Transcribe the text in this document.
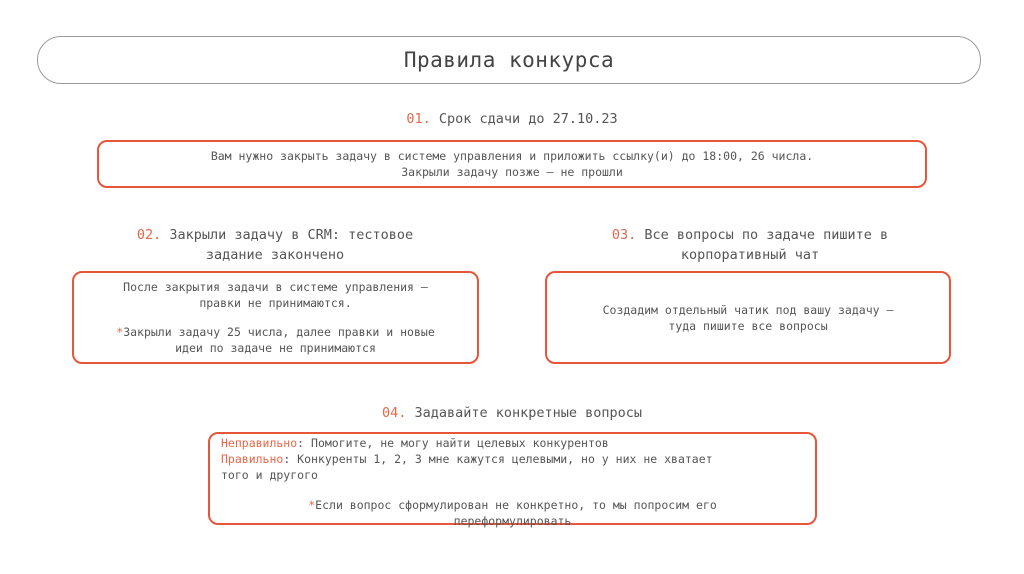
Правила конкурса
01. Срок сдачи до 27.10.23

Вам нужно закрыть задачу в системе управления и приложить ссылку(и) до 18:00, 26 числа.

Закрыли задачу позже — не прошли

02. Закрыли задачу в CRM: тестовое

задание закончено

После закрытия задачи в системе управления –

правки не принимаются.

*Закрыли задачу 25 числа, далее правки и новые

идеи по задаче не принимаются

03. Все вопросы по задаче пишите в

корпоративный чат

Создадим отдельный чатик под вашу задачу —

туда пишите все вопросы

04. Задавайте конкретные вопросы

Неправильно: Помогите, не могу найти целевых конкурентов

Правильно: Конкуренты 1, 2, 3 мне кажутся целевыми, но у них не хватает

того и другого

*Если вопрос сформулирован не конкретно, то мы попросим его

переформулировать
